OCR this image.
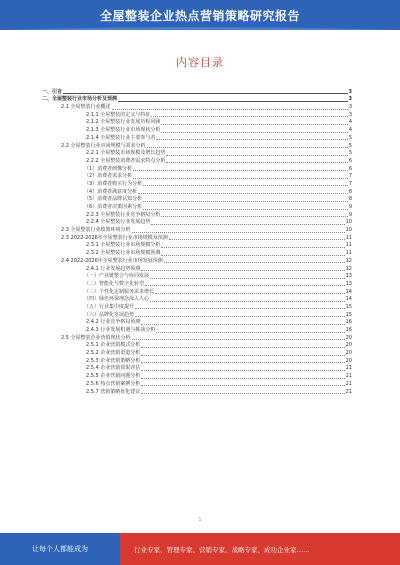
全屋整装企业热点营销策略研究报告
内容目录
一、引言	3
二、全屋整装行业市场分析及预测	3
2.1 全屋整装行业概述	3
2.1.1 全屋整装的定义与特征	3
2.1.2 全屋整装行业发展历程回顾	4
2.1.3 全屋整装行业市场现状分析	4
2.1.4 全屋整装行业主要参与者	5
2.2 全屋整装行业市场规模与需求分析	5
2.2.1 全屋整装市场规模及增长趋势	5
2.2.2 全屋整装消费者需求特点分析	6
（1）消费者画像分析	6
（2）消费者需求分析	7
（3）消费者购买行为分析	7
（4）消费者满意度分析	8
（5）消费者品牌认知分析	8
（6）消费者决策因素分析	9
2.2.3 全屋整装行业竞争格局分析	9
2.2.4 全屋整装行业发展趋势	10
2.3 全屋整装行业政策环境分析	10
2.3 2022-2026年全屋整装行业市场规模及预测	11
2.3.1 全屋整装行业市场规模分析	11
2.3.2 全屋整装行业市场规模预测	11
2.4 2022-2026年全屋整装行业市场发展预测	12
2.4.1 行业发展趋势预测	12
（一）产业链整合与协同发展	13
（二）智能化与数字化转型	13
（三）个性化定制服务需求增长	14
（四）绿色环保理念深入人心	14
（五）行业集中度提升	15
（六）品牌化发展趋势	15
2.4.2 行业竞争格局预测	16
2.4.3 行业发展机遇与挑战分析	16
2.5 全屋整装企业营销现状分析	20
2.5.1 企业营销模式分析	20
2.5.2 企业营销渠道分析	20
2.5.3 企业营销策略分析	20
2.5.4 企业营销效果评估	21
2.5.5 企业营销问题分析	21
2.5.6 热点营销案例分析	21
2.5.7 营销策略优化建议	21
1
让每个人都能成为	行业专家、管理专家、营销专家、战略专家、成功企业家……
